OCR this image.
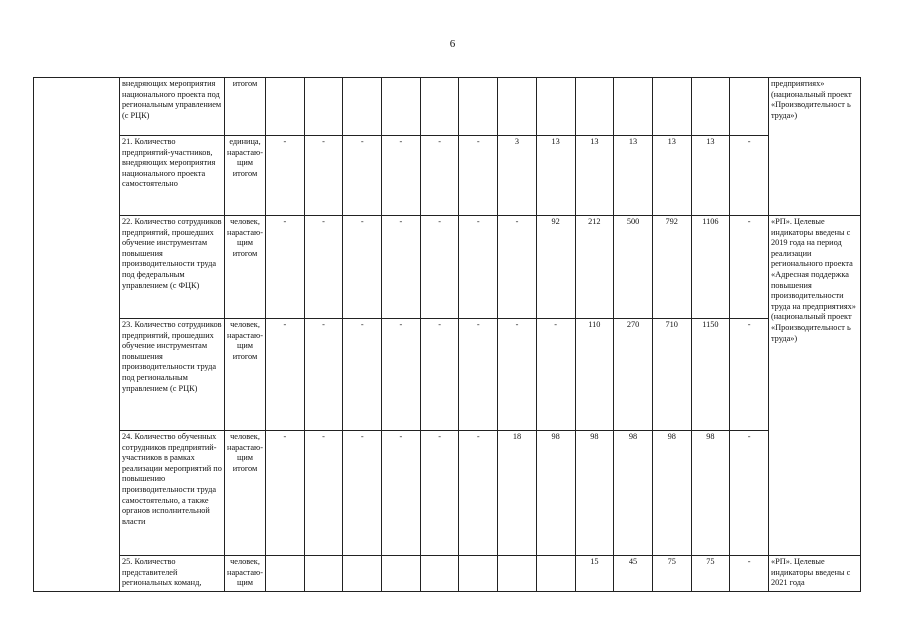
6
	внедряющих мероприятия национального проекта под региональным управлением (с РЦК)	итогом														предприятиях» (национальный проект «Производительност ь труда»)
	21. Количество предприятий-участников, внедряющих мероприятия национального проекта самостоятельно	единица, нарастаю-щим итогом	-	-	-	-	-	-	3	13	13	13	13	13	-	
	22. Количество сотрудников предприятий, прошедших обучение инструментам повышения производительности труда под федеральным управлением (с ФЦК)	человек, нарастаю-щим итогом	-	-	-	-	-	-	-	92	212	500	792	1106	-	«РП». Целевые индикаторы введены с 2019 года на период реализации регионального проекта «Адресная поддержка повышения производительности труда на предприятиях» (национальный проект «Производительност ь труда»)
	23. Количество сотрудников предприятий, прошедших обучение инструментам повышения производительности труда под региональным управлением (с РЦК)	человек, нарастаю-щим итогом	-	-	-	-	-	-	-	-	110	270	710	1150	-	
	24. Количество обученных сотрудников предприятий-участников в рамках реализации мероприятий по повышению производительности труда самостоятельно, а также органов исполнительной власти	человек, нарастаю-щим итогом	-	-	-	-	-	-	18	98	98	98	98	98	-	
	25. Количество представителей региональных команд,	человек, нарастаю-щим									15	45	75	75	-	«РП». Целевые индикаторы введены с 2021 года
